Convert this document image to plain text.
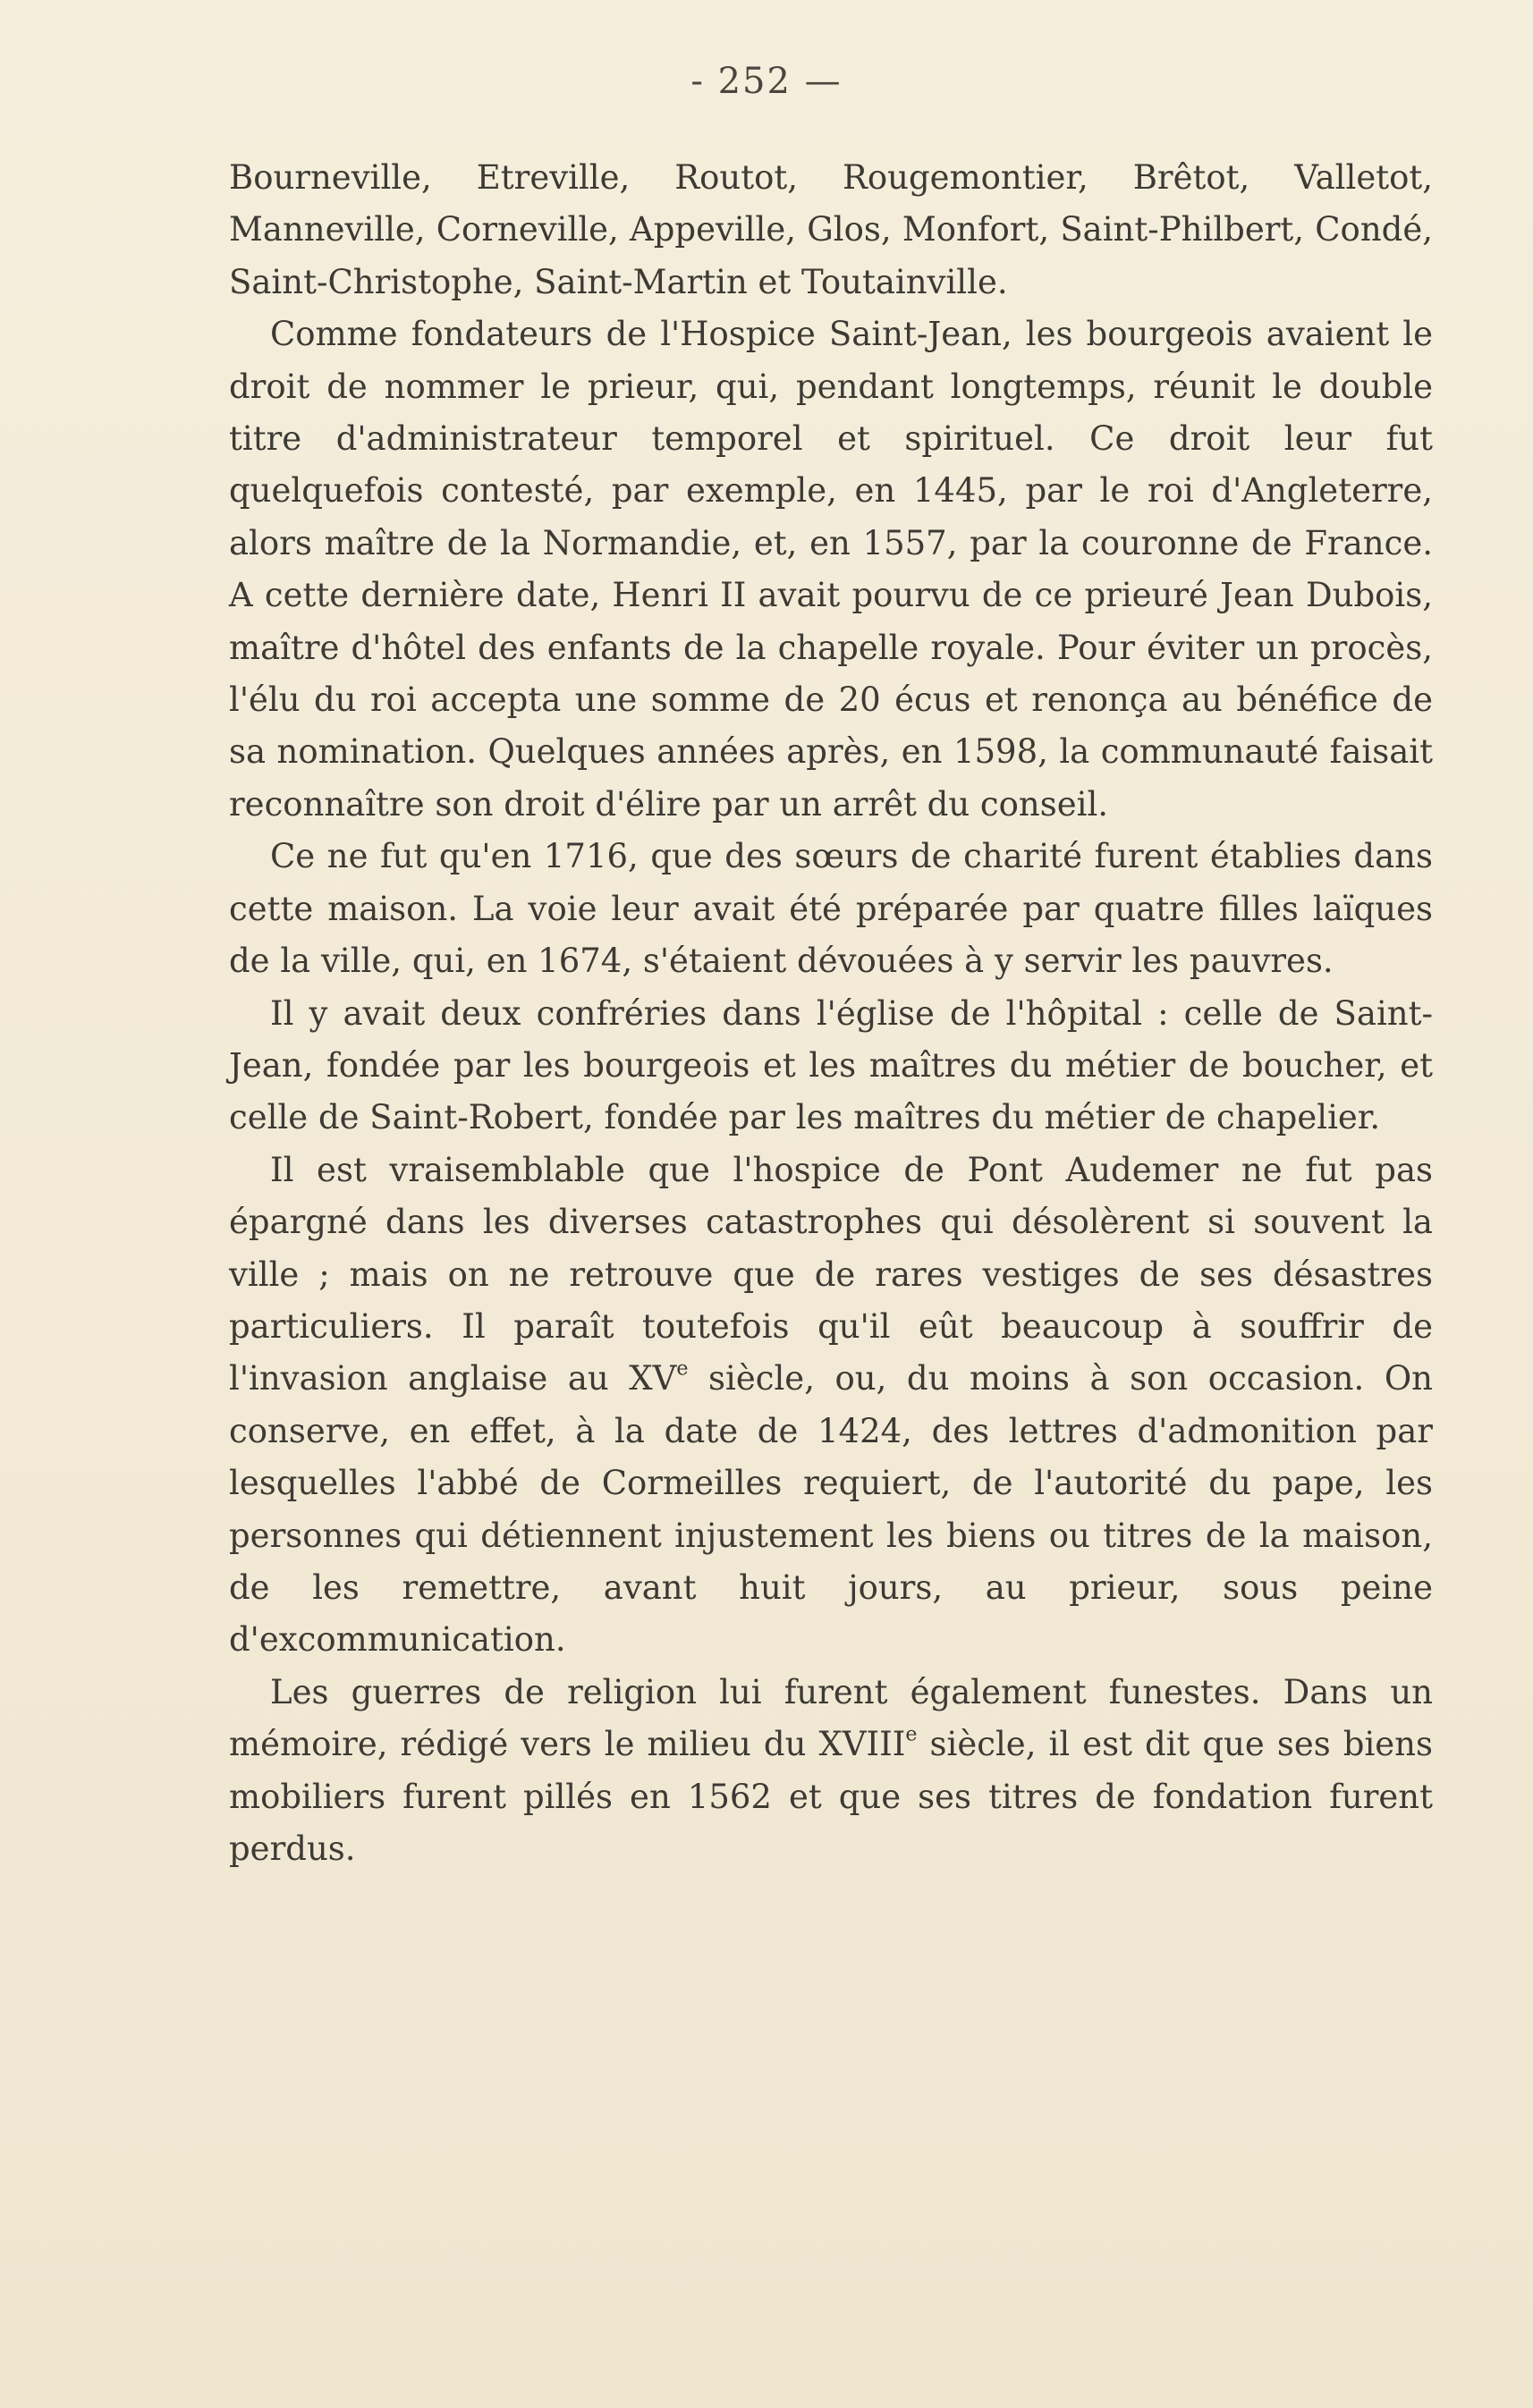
- 252 —

Bourneville, Etreville, Routot, Rougemontier, Brêtot, Valletot, Manneville, Corneville, Appeville, Glos, Monfort, Saint-Philbert, Condé, Saint-Christophe, Saint-Martin et Toutainville.

Comme fondateurs de l'Hospice Saint-Jean, les bourgeois avaient le droit de nommer le prieur, qui, pendant longtemps, réunit le double titre d'administrateur temporel et spirituel. Ce droit leur fut quelquefois contesté, par exemple, en 1445, par le roi d'Angleterre, alors maître de la Normandie, et, en 1557, par la couronne de France. A cette dernière date, Henri II avait pourvu de ce prieuré Jean Dubois, maître d'hôtel des enfants de la chapelle royale. Pour éviter un procès, l'élu du roi accepta une somme de 20 écus et renonça au bénéfice de sa nomination. Quelques années après, en 1598, la communauté faisait reconnaître son droit d'élire par un arrêt du conseil.

Ce ne fut qu'en 1716, que des sœurs de charité furent établies dans cette maison. La voie leur avait été préparée par quatre filles laïques de la ville, qui, en 1674, s'étaient dévouées à y servir les pauvres.

Il y avait deux confréries dans l'église de l'hôpital : celle de Saint-Jean, fondée par les bourgeois et les maîtres du métier de boucher, et celle de Saint-Robert, fondée par les maîtres du métier de chapelier.

Il est vraisemblable que l'hospice de Pont Audemer ne fut pas épargné dans les diverses catastrophes qui désolèrent si souvent la ville ; mais on ne retrouve que de rares vestiges de ses désastres particuliers. Il paraît toutefois qu'il eût beaucoup à souffrir de l'invasion anglaise au XVe siècle, ou, du moins à son occasion. On conserve, en effet, à la date de 1424, des lettres d'admonition par lesquelles l'abbé de Cormeilles requiert, de l'autorité du pape, les personnes qui détiennent injustement les biens ou titres de la maison, de les remettre, avant huit jours, au prieur, sous peine d'excommunication.

Les guerres de religion lui furent également funestes. Dans un mémoire, rédigé vers le milieu du XVIIIe siècle, il est dit que ses biens mobiliers furent pillés en 1562 et que ses titres de fondation furent perdus.
